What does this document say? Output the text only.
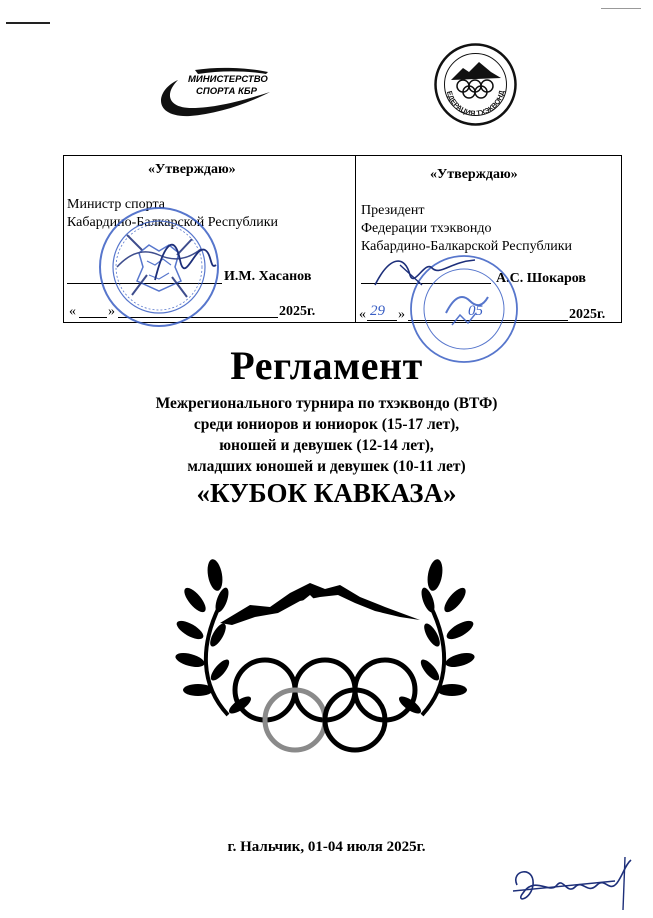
МИНИСТЕРСТВО
СПОРТА КБР	ЕДЕРАЦИЯ ТХЭКВОНД
«Утверждаю»
Министр спорта
Кабардино-Балкарской Республики
И.М. Хасанов
« »	2025г.
«Утверждаю»
Президент
Федерации тхэквондо
Кабардино-Балкарской Республики
А.С. Шокаров
« 29 »	05	2025г.
Регламент
Межрегионального турнира по тхэквондо (ВТФ)
среди юниоров и юниорок (15-17 лет),
юношей и девушек (12-14 лет),
младших юношей и девушек (10-11 лет)
«КУБОК КАВКАЗА»
г. Нальчик, 01-04 июля 2025г.
